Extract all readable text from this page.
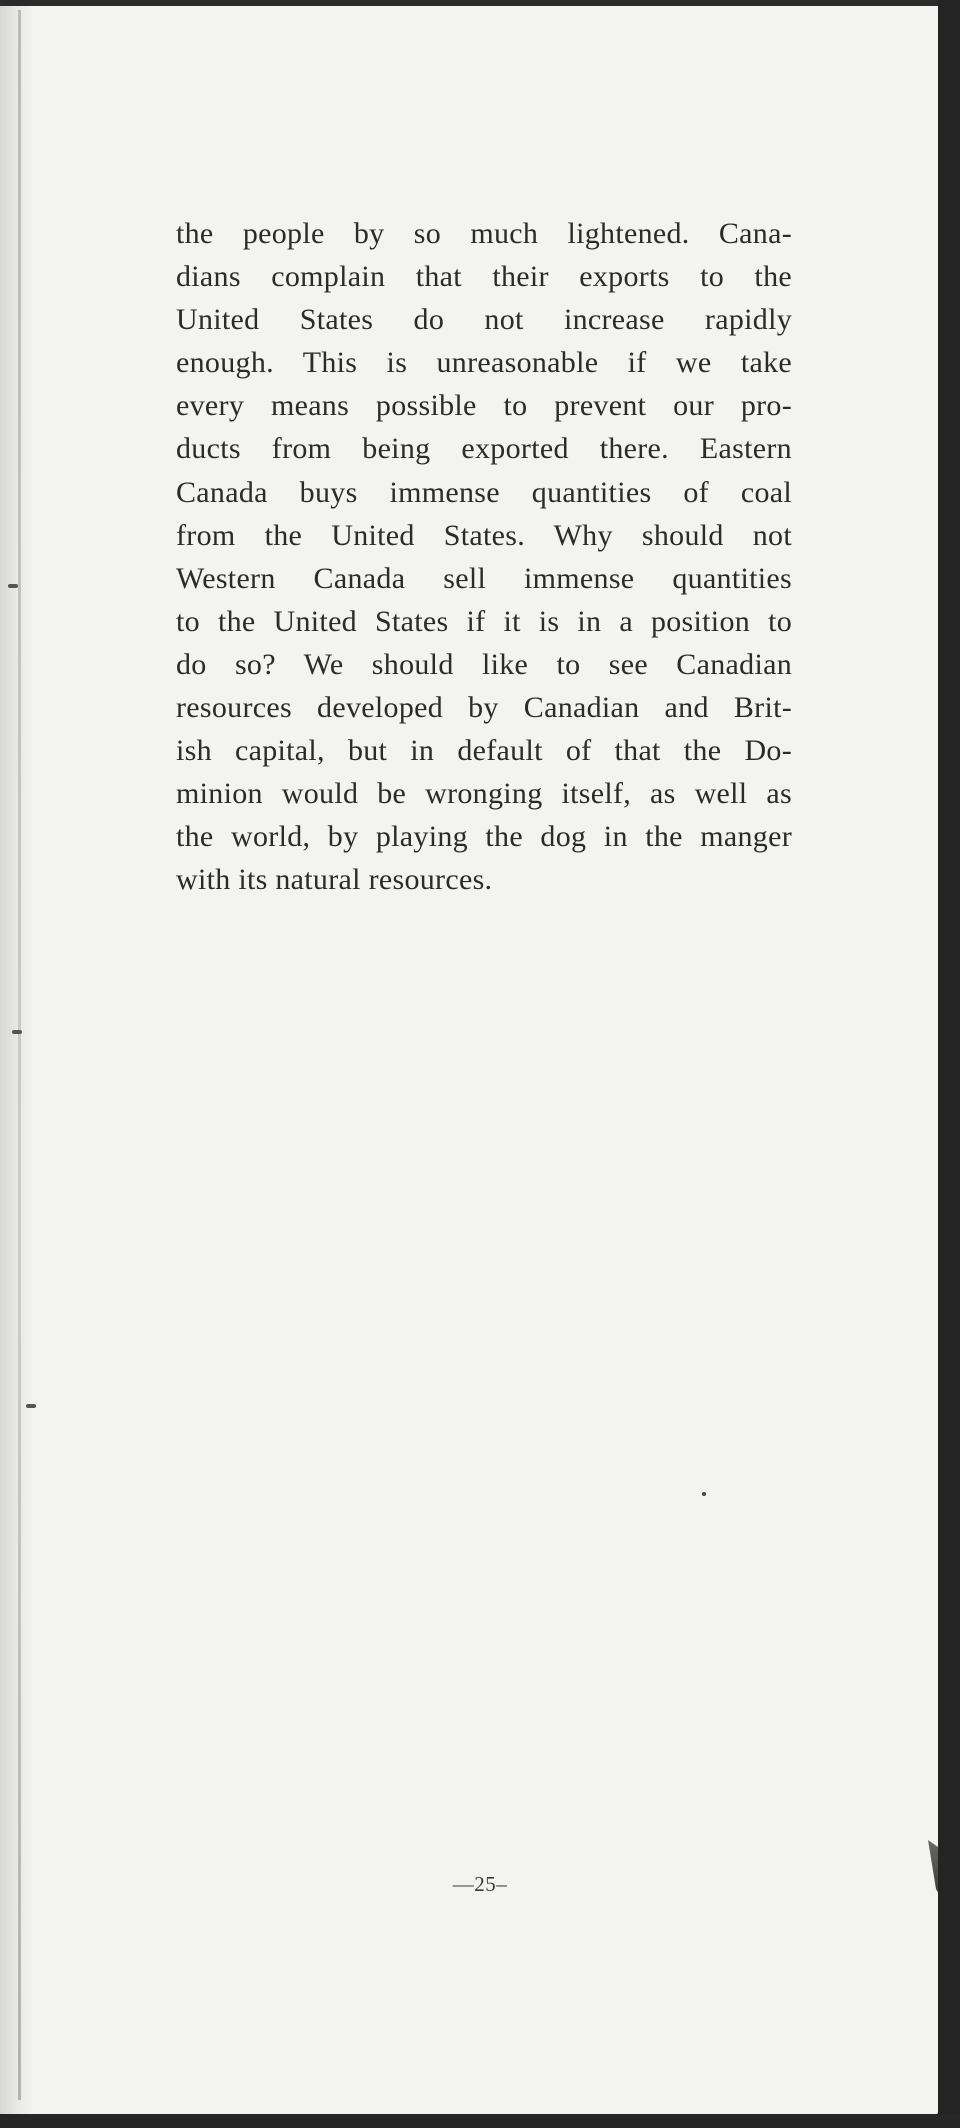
the people by so much lightened. Cana-
dians complain that their exports to the
United States do not increase rapidly
enough. This is unreasonable if we take
every means possible to prevent our pro-
ducts from being exported there. Eastern
Canada buys immense quantities of coal
from the United States. Why should not
Western Canada sell immense quantities
to the United States if it is in a position to
do so? We should like to see Canadian
resources developed by Canadian and Brit-
ish capital, but in default of that the Do-
minion would be wronging itself, as well as
the world, by playing the dog in the manger
with its natural resources.
—25–
